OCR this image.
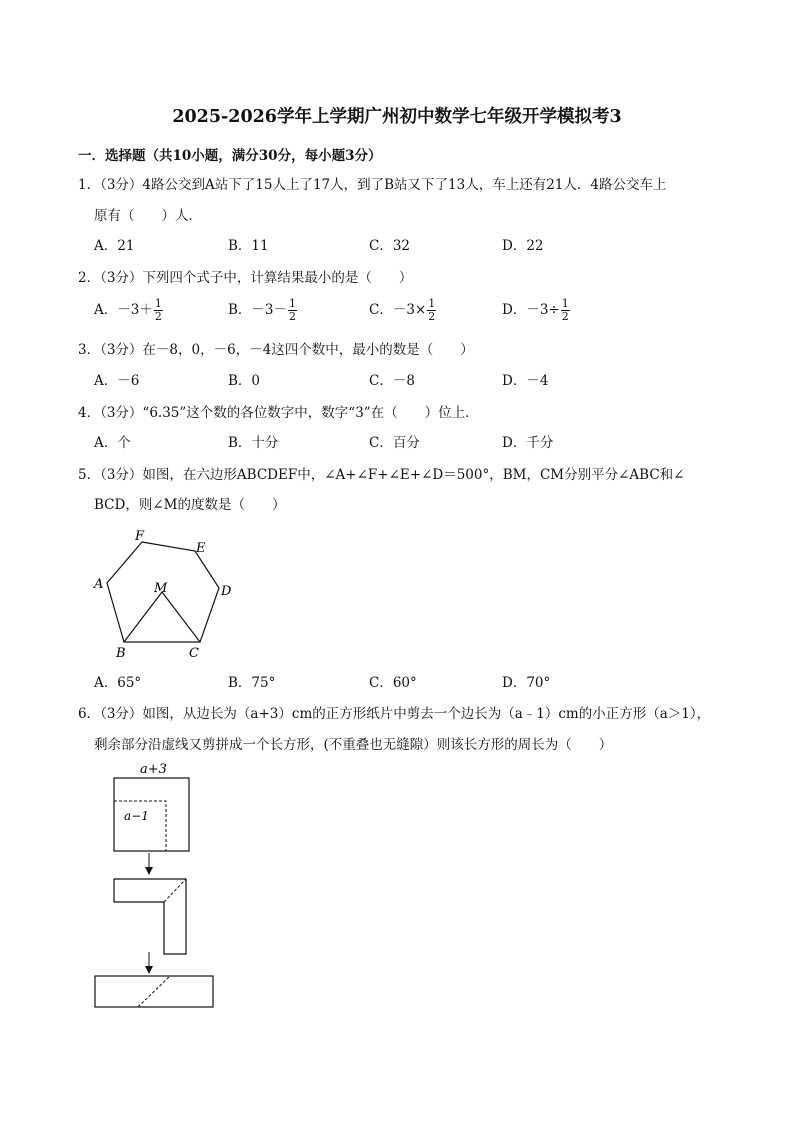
2025-2026学年上学期广州初中数学七年级开学模拟考3
一．选择题（共10小题，满分30分，每小题3分）
1．（3分）4路公交到A站下了15人上了17人，到了B站又下了13人，车上还有21人．4路公交车上
原有（　　）人．
A．21	B．11	C．32	D．22
2．（3分）下列四个式子中，计算结果最小的是（　　）
A．$-3+ \frac{1}{2}$	B．$-3- \frac{1}{2}$	C．$-3\times \frac{1}{2}$	D．$-3\div \frac{1}{2}$
3．（3分）在－8，0，－6，－4这四个数中，最小的数是（　　）
A．－6	B．0	C．－8	D．－4
4．（3分）“6.35”这个数的各位数字中，数字“3”在（　　）位上．
A．个	B．十分	C．百分	D．千分
5．（3分）如图，在六边形ABCDEF中，∠A+∠F+∠E+∠D＝500°，BM，CM分别平分∠ABC和∠
BCD，则∠M的度数是（　　）
F
E
A	M	D
B	C
A．65°	B．75°	C．60°	D．70°
6．（3分）如图，从边长为（a+3）cm的正方形纸片中剪去一个边长为（a﹣1）cm的小正方形（a＞1），
剩余部分沿虚线又剪拼成一个长方形，(不重叠也无缝隙）则该长方形的周长为（　　）
a+3
a−1
